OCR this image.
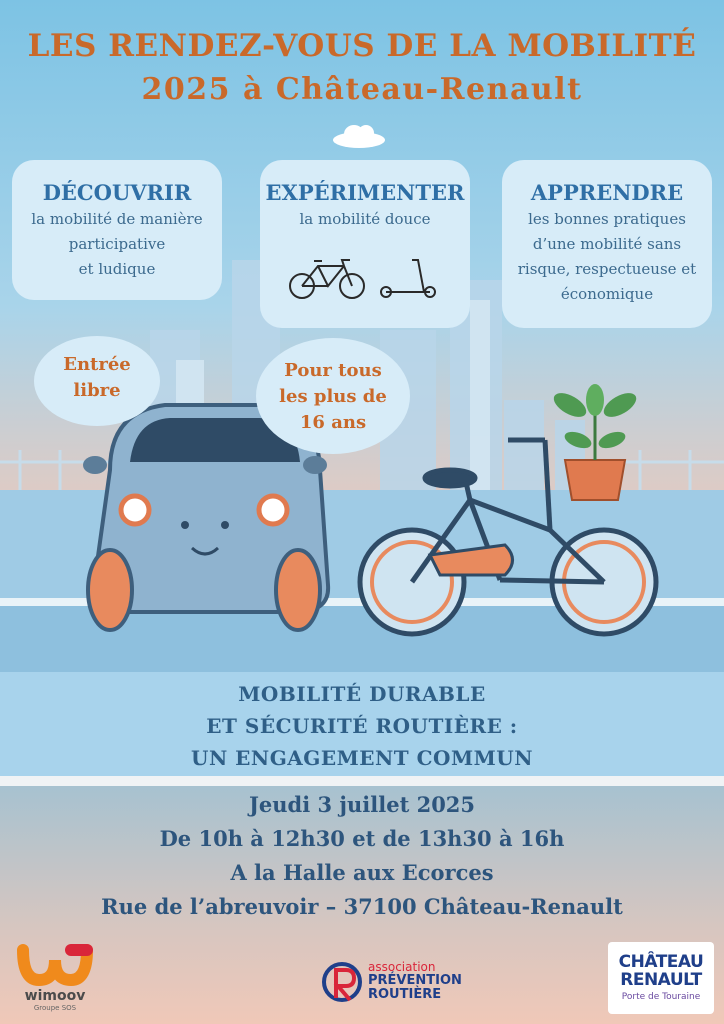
LES RENDEZ-VOUS DE LA MOBILITÉ
2025 à Château-Renault
DÉCOUVRIR
la mobilité de manière
participative
et ludique
EXPÉRIMENTER
la mobilité douce
APPRENDRE
les bonnes pratiques
d’une mobilité sans
risque, respectueuse et
économique
Entrée
libre
Pour tous
les plus de
16 ans
MOBILITÉ DURABLE
ET SÉCURITÉ ROUTIÈRE :
UN ENGAGEMENT COMMUN
Jeudi 3 juillet 2025
De 10h à 12h30 et de 13h30 à 16h
A la Halle aux Ecorces
Rue de l’abreuvoir – 37100 Château-Renault
wimoov
Groupe SOS
association
PRÉVENTION
ROUTIÈRE
CHÂTEAU
RENAULT
Porte de Touraine
